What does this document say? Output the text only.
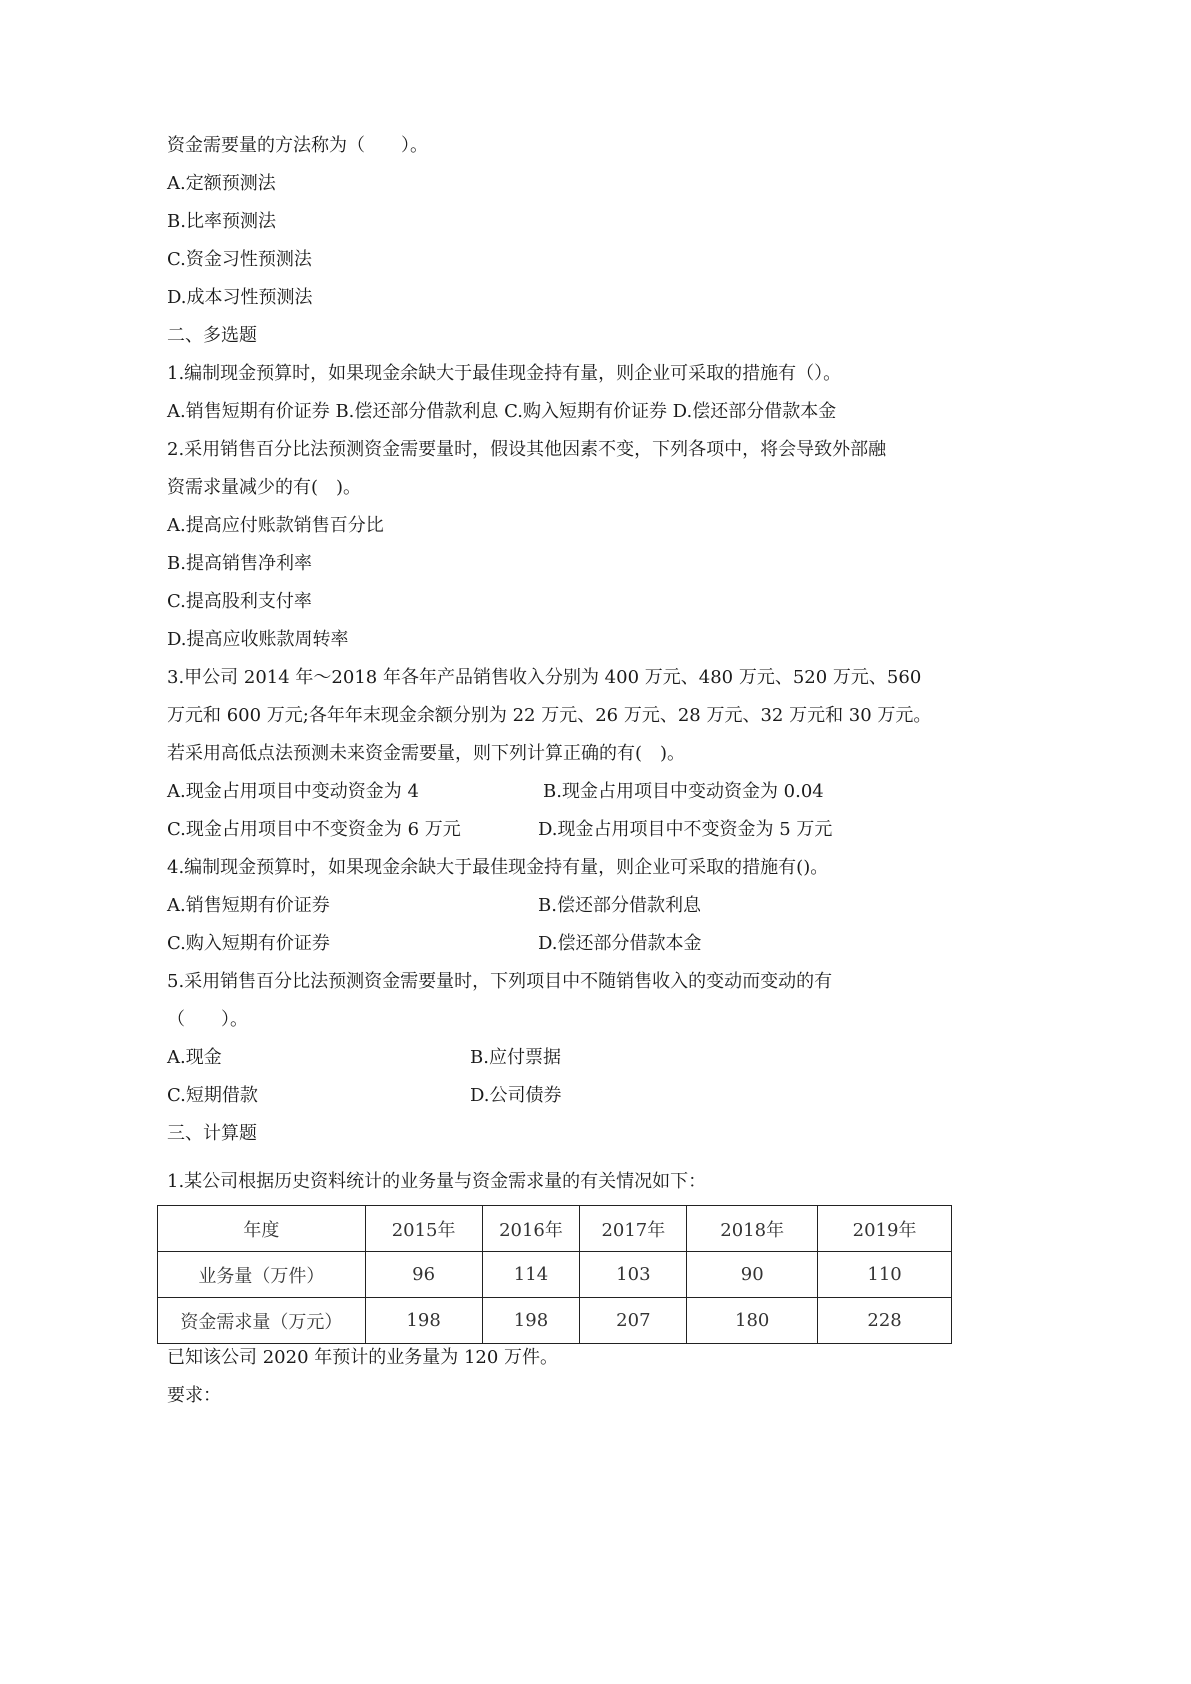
资金需要量的方法称为（　　）。
A.定额预测法
B.比率预测法
C.资金习性预测法
D.成本习性预测法
二、多选题
1.编制现金预算时，如果现金余缺大于最佳现金持有量，则企业可采取的措施有（）。
A.销售短期有价证券 B.偿还部分借款利息 C.购入短期有价证券 D.偿还部分借款本金
2.采用销售百分比法预测资金需要量时，假设其他因素不变，下列各项中，将会导致外部融
资需求量减少的有(　)。
A.提高应付账款销售百分比
B.提高销售净利率
C.提高股利支付率
D.提高应收账款周转率
3.甲公司 2014 年～2018 年各年产品销售收入分别为 400 万元、480 万元、520 万元、560
万元和 600 万元;各年年末现金余额分别为 22 万元、26 万元、28 万元、32 万元和 30 万元。
若采用高低点法预测未来资金需要量，则下列计算正确的有(　)。
A.现金占用项目中变动资金为 4	B.现金占用项目中变动资金为 0.04
C.现金占用项目中不变资金为 6 万元	D.现金占用项目中不变资金为 5 万元
4.编制现金预算时，如果现金余缺大于最佳现金持有量，则企业可采取的措施有()。
A.销售短期有价证券	B.偿还部分借款利息
C.购入短期有价证券	D.偿还部分借款本金
5.采用销售百分比法预测资金需要量时，下列项目中不随销售收入的变动而变动的有
（　　）。
A.现金	B.应付票据
C.短期借款	D.公司债券
三、计算题
1.某公司根据历史资料统计的业务量与资金需求量的有关情况如下：
年度	2015年	2016年	2017年	2018年	2019年
业务量（万件）	96	114	103	90	110
资金需求量（万元）	198	198	207	180	228
已知该公司 2020 年预计的业务量为 120 万件。
要求：
